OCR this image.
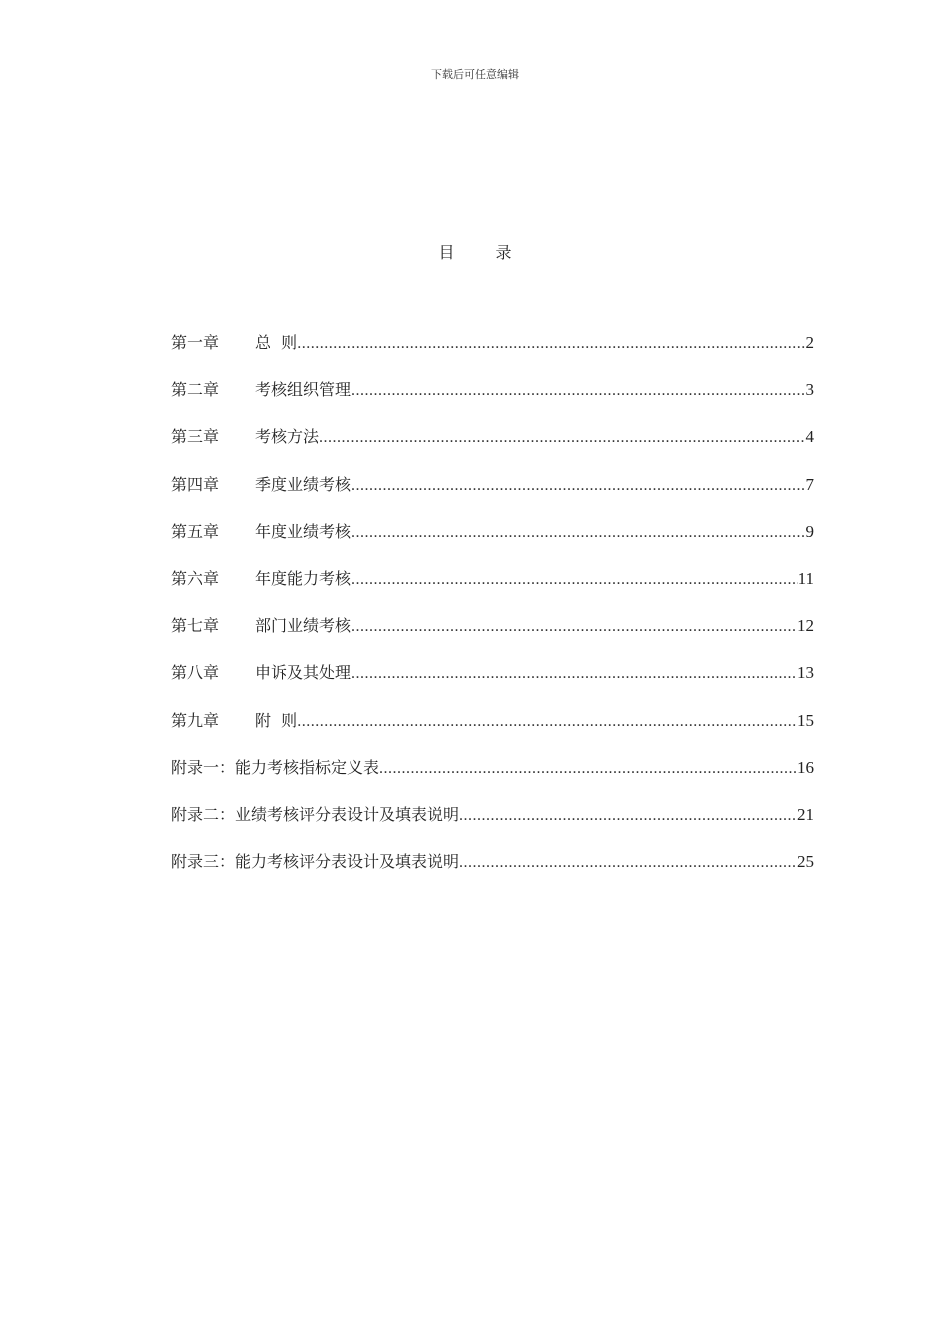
下载后可任意编辑
目 录
第一章	总  则 .....	2
第二章	考核组织管理 .....	3
第三章	考核方法 .....	4
第四章	季度业绩考核 .....	7
第五章	年度业绩考核 .....	9
第六章	年度能力考核 .....	11
第七章	部门业绩考核 .....	12
第八章	申诉及其处理 .....	13
第九章	附  则 .....	15
附录一： 能力考核指标定义表 .....	16
附录二： 业绩考核评分表设计及填表说明 .....	21
附录三： 能力考核评分表设计及填表说明 .....	25
